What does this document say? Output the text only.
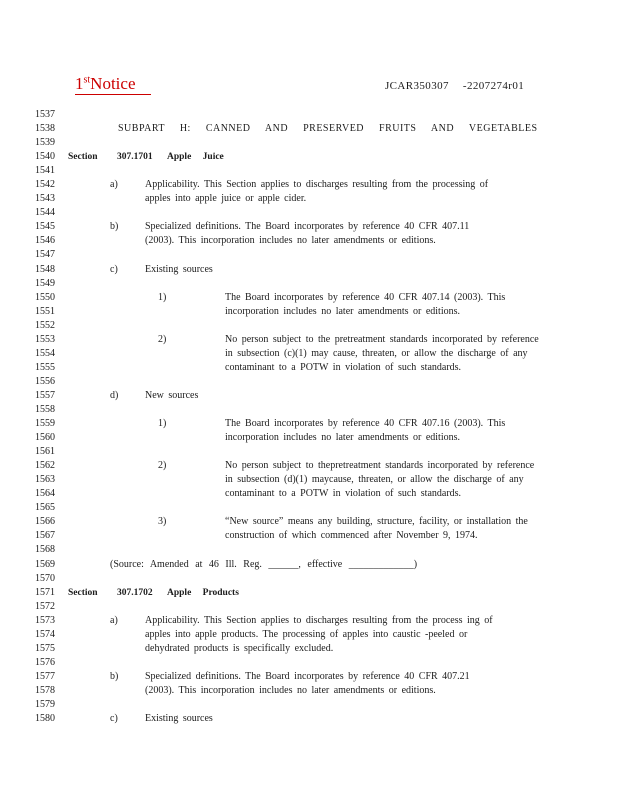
1stNotice	JCAR350307 -2207274r01
1537
1538	SUBPART H: CANNED AND PRESERVED FRUITS AND VEGETABLES
1539
1540 Section 307.1701 Apple Juice
1541
1542	a)	Applicability. This Section applies to discharges resulting from the processing of
1543	apples into apple juice or apple cider.
1544
1545	b)	Specialized definitions. The Board incorporates by reference 40 CFR 407.11
1546	(2003). This incorporation includes no later amendments or editions.
1547
1548	c)	Existing sources
1549
1550	1)	The Board incorporates by reference 40 CFR 407.14 (2003). This
1551	incorporation includes no later amendments or editions.
1552
1553	2)	No person subject to the pretreatment standards incorporated by reference
1554	in subsection (c)(1) may cause, threaten, or allow the discharge of any
1555	contaminant to a POTW in violation of such standards.
1556
1557	d)	New sources
1558
1559	1)	The Board incorporates by reference 40 CFR 407.16 (2003). This
1560	incorporation includes no later amendments or editions.
1561
1562	2)	No person subject to thepretreatment standards incorporated by reference
1563	in subsection (d)(1) maycause, threaten, or allow the discharge of any
1564	contaminant to a POTW in violation of such standards.
1565
1566	3)	“New source” means any building, structure, facility, or installation the
1567	construction of which commenced after November 9, 1974.
1568
1569	(Source: Amended at 46 Ill. Reg. ______, effective _____________)
1570
1571 Section 307.1702 Apple Products
1572
1573	a)	Applicability. This Section applies to discharges resulting from the process ing of
1574	apples into apple products. The processing of apples into caustic -peeled or
1575	dehydrated products is specifically excluded.
1576
1577	b)	Specialized definitions. The Board incorporates by reference 40 CFR 407.21
1578	(2003). This incorporation includes no later amendments or editions.
1579
1580	c)	Existing sources
